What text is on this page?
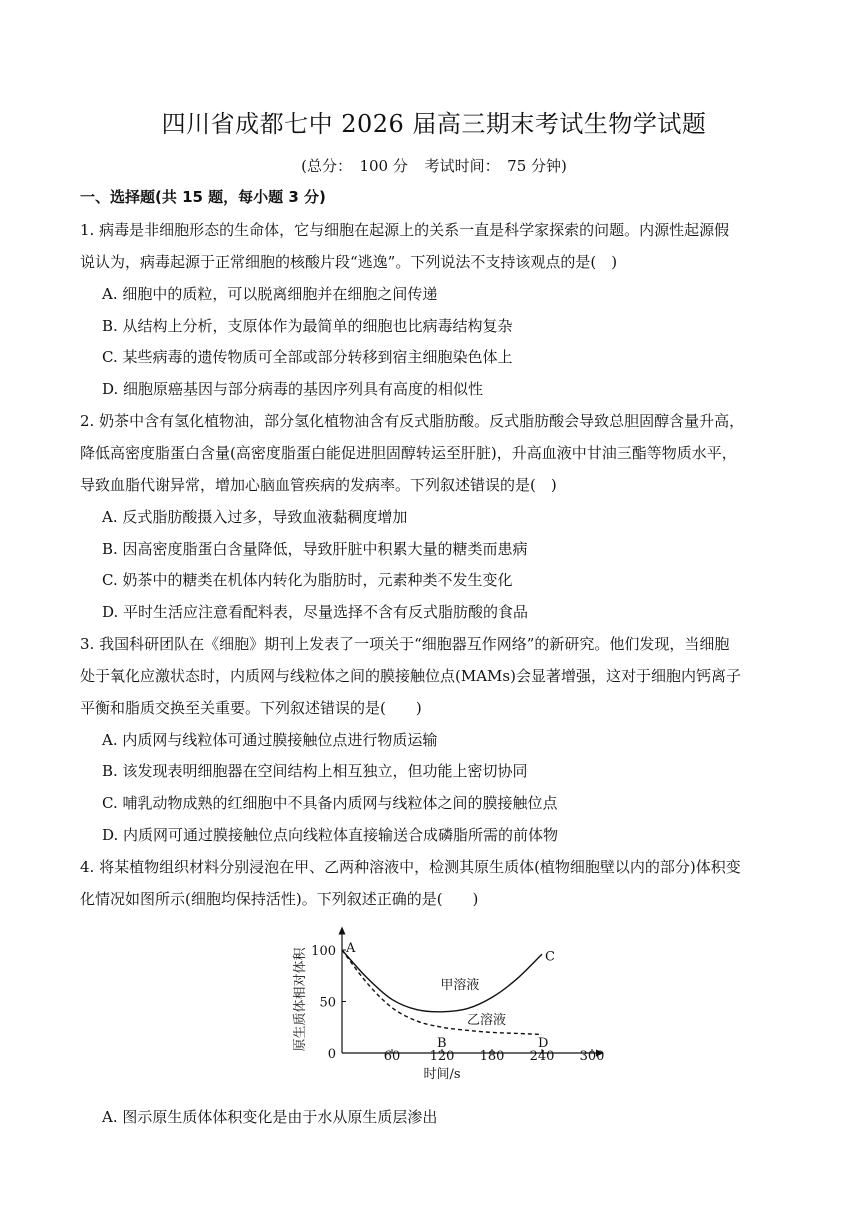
四川省成都七中 2026 届高三期末考试生物学试题
(总分：　100 分 考试时间：　75 分钟)
一、选择题(共 15 题，每小题 3 分)
1. 病毒是非细胞形态的生命体，它与细胞在起源上的关系一直是科学家探索的问题。内源性起源假
说认为，病毒起源于正常细胞的核酸片段“逃逸”。下列说法不支持该观点的是(　)
A. 细胞中的质粒，可以脱离细胞并在细胞之间传递
B. 从结构上分析，支原体作为最简单的细胞也比病毒结构复杂
C. 某些病毒的遗传物质可全部或部分转移到宿主细胞染色体上
D. 细胞原癌基因与部分病毒的基因序列具有高度的相似性
2. 奶茶中含有氢化植物油，部分氢化植物油含有反式脂肪酸。反式脂肪酸会导致总胆固醇含量升高，
降低高密度脂蛋白含量(高密度脂蛋白能促进胆固醇转运至肝脏)，升高血液中甘油三酯等物质水平，
导致血脂代谢异常，增加心脑血管疾病的发病率。下列叙述错误的是(　)
A. 反式脂肪酸摄入过多，导致血液黏稠度增加
B. 因高密度脂蛋白含量降低，导致肝脏中积累大量的糖类而患病
C. 奶茶中的糖类在机体内转化为脂肪时，元素种类不发生变化
D. 平时生活应注意看配料表，尽量选择不含有反式脂肪酸的食品
3. 我国科研团队在《细胞》期刊上发表了一项关于“细胞器互作网络”的新研究。他们发现，当细胞
处于氧化应激状态时，内质网与线粒体之间的膜接触位点(MAMs)会显著增强，这对于细胞内钙离子
平衡和脂质交换至关重要。下列叙述错误的是(　　)
A. 内质网与线粒体可通过膜接触位点进行物质运输
B. 该发现表明细胞器在空间结构上相互独立，但功能上密切协同
C. 哺乳动物成熟的红细胞中不具备内质网与线粒体之间的膜接触位点
D. 内质网可通过膜接触位点向线粒体直接输送合成磷脂所需的前体物
4. 将某植物组织材料分别浸泡在甲、乙两种溶液中，检测其原生质体(植物细胞壁以内的部分)体积变
化情况如图所示(细胞均保持活性)。下列叙述正确的是(　　)
60 120 180 240 300
0
50
100
时间/s
原生质体相对体积	甲溶液
乙溶液
A
B
C
D
A. 图示原生质体体积变化是由于水从原生质层渗出
